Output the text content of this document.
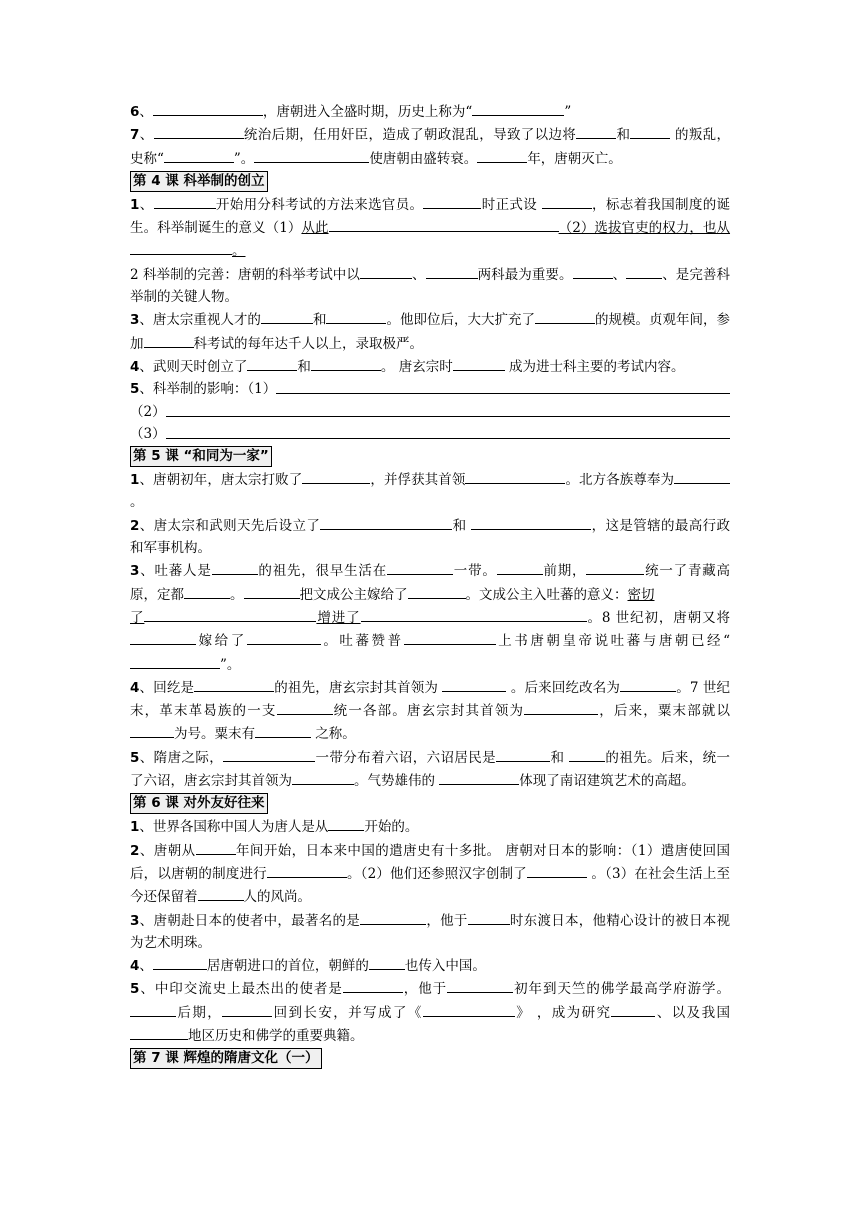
6、	，唐朝进入全盛时期，历史上称为“	”

7、	统治后期，任用奸臣，造成了朝政混乱，导致了以边将	和	的叛乱，史称“	”。	使唐朝由盛转衰。	年，唐朝灭亡。

第 4 课 科举制的创立

1、	开始用分科考试的方法来选官员。	时正式设	，标志着我国制度的诞生。科举制诞生的意义（1）从此	（2）选拔官吏的权力，也从。

2 科举制的完善：唐朝的科举考试中以	、	两科最为重要。	、	、是完善科举制的关键人物。

3、唐太宗重视人才的	和	。他即位后，大大扩充了	的规模。贞观年间，参加	科考试的每年达千人以上，录取极严。

4、武则天时创立了	和	。 唐玄宗时	成为进士科主要的考试内容。

5、科举制的影响：（1）
（2）
（3）
第 5 课 “和同为一家”

1、唐朝初年，唐太宗打败了	，并俘获其首领	。北方各族尊奉为。

2、唐太宗和武则天先后设立了	和	，这是管辖的最高行政和军事机构。

3、吐蕃人是	的祖先，很早生活在	一带。	前期，	统一了青藏高原，定都	。	把文成公主嫁给了	。文成公主入吐蕃的意义：密切
了	增进了	。8 世纪初，唐朝又将 嫁给了	。吐蕃赞普	上书唐朝皇帝说吐蕃与唐朝已经“”。

4、回纥是	的祖先，唐玄宗封其首领为	。后来回纥改名为	。7 世纪末，革末革曷族的一支	统一各部。唐玄宗封其首领为	，后来，粟末部就以为号。粟末有	之称。

5、隋唐之际，	一带分布着六诏，六诏居民是	和	的祖先。后来，统一了六诏，唐玄宗封其首领为	。气势雄伟的	体现了南诏建筑艺术的高超。

第 6 课 对外友好往来

1、世界各国称中国人为唐人是从	开始的。

2、唐朝从	年间开始，日本来中国的遣唐史有十多批。 唐朝对日本的影响：（1）遣唐使回国后，以唐朝的制度进行	。（2）他们还参照汉字创制了	。（3）在社会生活上至今还保留着	人的风尚。

3、唐朝赴日本的使者中，最著名的是	，他于	时东渡日本，他精心设计的被日本视为艺术明珠。

4、	居唐朝进口的首位，朝鲜的	也传入中国。

5、中印交流史上最杰出的使者是	，他于	初年到天竺的佛学最高学府游学。后期，	回到长安，并写成了《	》 ，成为研究	、以及我国地区历史和佛学的重要典籍。

第 7 课 辉煌的隋唐文化（一）
